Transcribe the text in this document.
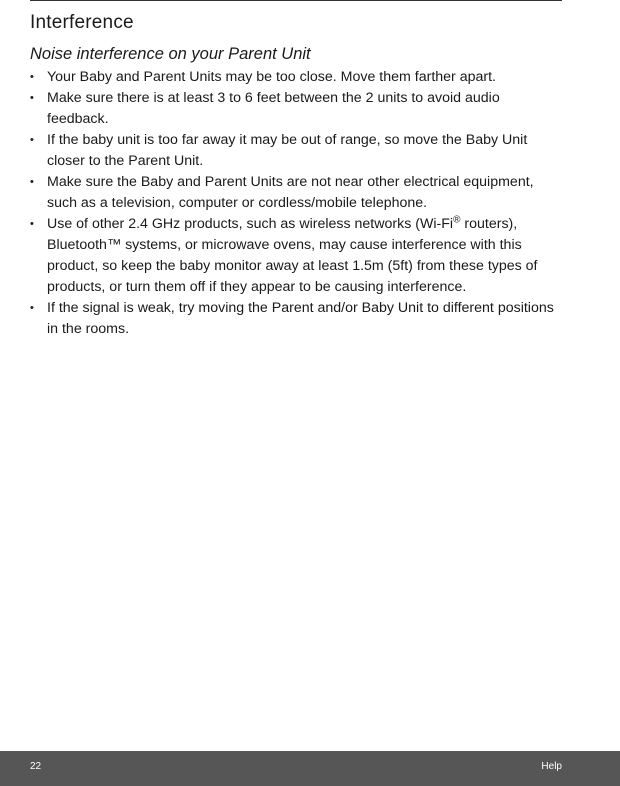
Interference
Noise interference on your Parent Unit
• Your Baby and Parent Units may be too close. Move them farther apart.
• Make sure there is at least 3 to 6 feet between the 2 units to avoid audio feedback.
• If the baby unit is too far away it may be out of range, so move the Baby Unit closer to the Parent Unit.
• Make sure the Baby and Parent Units are not near other electrical equipment, such as a television, computer or cordless/mobile telephone.
• Use of other 2.4 GHz products, such as wireless networks (Wi-Fi® routers), Bluetooth™ systems, or microwave ovens, may cause interference with this product, so keep the baby monitor away at least 1.5m (5ft) from these types of products, or turn them off if they appear to be causing interference.
• If the signal is weak, try moving the Parent and/or Baby Unit to different positions in the rooms.
22	Help
